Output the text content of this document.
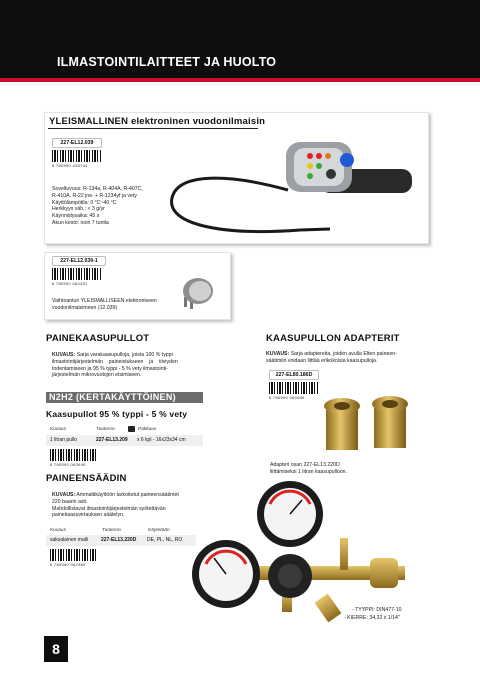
ILMASTOINTILAITTEET JA HUOLTO
YLEISMALLINEN elektroninen vuodonilmaisin
227-EL12.039
6 780590 428744
Soveltuvuus: R-134a, R-404A, R-407C,
R-410A, R-22 jne. + R-1234yf ja vety
Käyttölämpötila: 0 °C~40 °C
Herkkyys väh.: < 3 g/yr
Käynnistysaika: 45 s
Akun kesto: noin 7 tuntia
227-EL12.039-1
6 780590 064451
Vaihtoanturi YLEISMALLISEEN elektroniseen
vuodonilmaisimeen (12.039)
PAINEKAASUPULLOT
KUVAUS: Sarja varakaasupulloja, joista 100 % typpi
ilmastointijärjestelmän    paineistukseen    ja    tiiviyden
todentamiseen ja 95 % typpi - 5 % vety ilmastointi-
järjestelmän mikrovuotojen etsimiseen.
N2H2 (KERTAKÄYTTÖINEN)
Kaasupullot 95 % typpi - 5 % vety
Kuvaus	Tuotenro	Pakkaus
1 litran pullo	227-EL13.209	x 6 kpl - 16x23x34 cm
6 780590 063649
KAASUPULLON ADAPTERIT
KUVAUS: Sarja adaptereita, joiden avulla Elten paineen-
säätimiin voidaan liittää erikokoisia kaasupulloja.
227-EL80.186D
6 780590 064686
Adapteri osan 227-EL13.220D
liittämiseksi 1 litran kaasupulloon.
PAINEENSÄÄDIN
KUVAUS: Ammattikäyttöön tarkoitetut paineensäätimet
220 baarin asti.
Mahdollistavat ilmastointijärjestelmän syötettävän
painekaasuvirtauksen säätelyn.
Kuvaus	Tuotenro	Käytetään
saksalainen malli	227-EL13.220D	DE, PL, NL, RO
6 780590 062969
- TYYPPI: DIN477-10
- KIERRE: 34,32 x 1/14"
8
